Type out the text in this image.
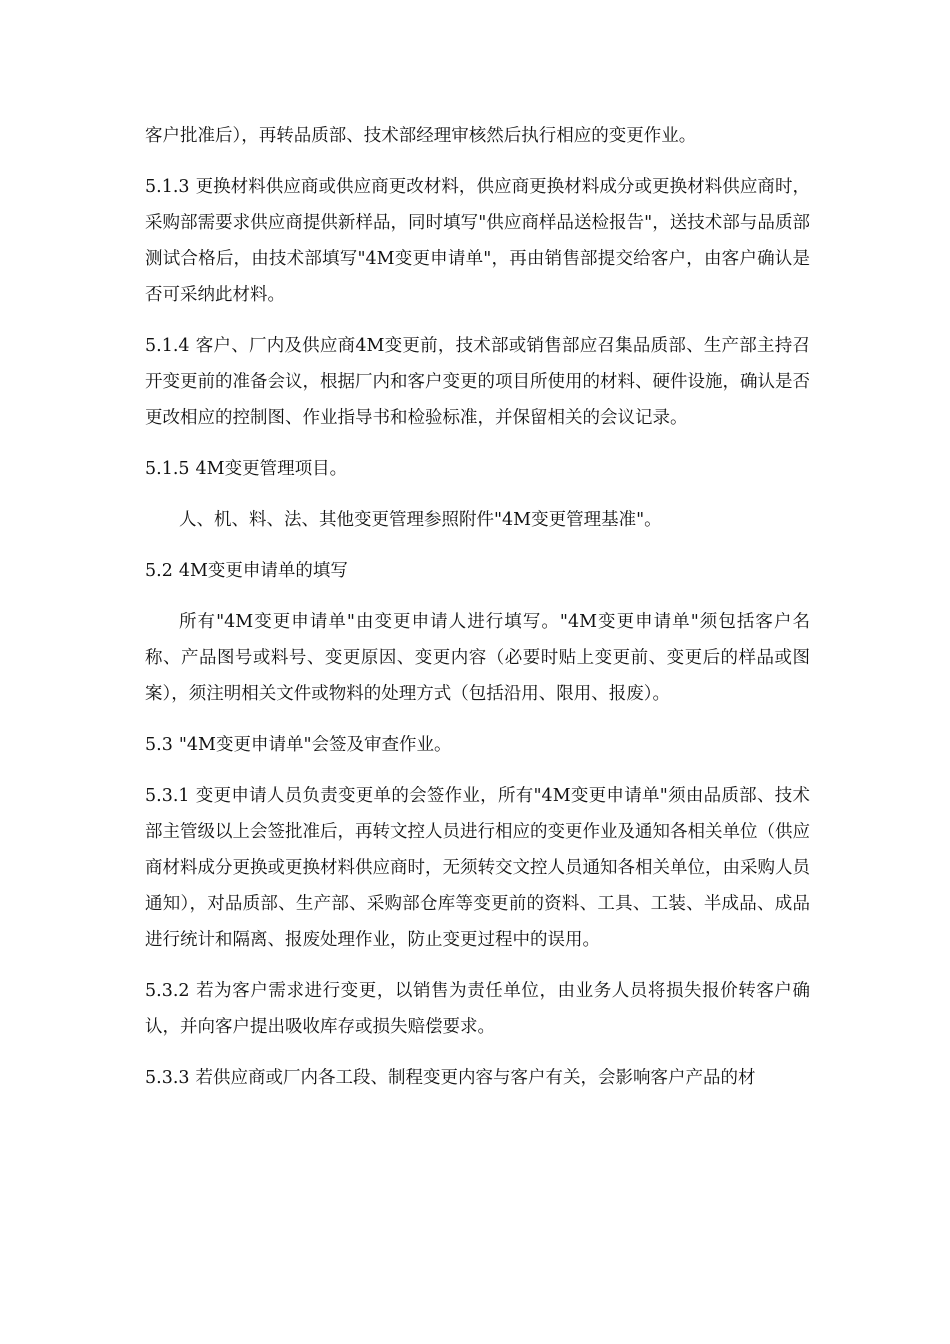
客户批准后），再转品质部、技术部经理审核然后执行相应的变更作业。

5.1.3 更换材料供应商或供应商更改材料，供应商更换材料成分或更换材料供应商时，采购部需要求供应商提供新样品，同时填写"供应商样品送检报告"，送技术部与品质部测试合格后，由技术部填写"4M变更申请单"，再由销售部提交给客户，由客户确认是否可采纳此材料。

5.1.4 客户、厂内及供应商4M变更前，技术部或销售部应召集品质部、生产部主持召开变更前的准备会议，根据厂内和客户变更的项目所使用的材料、硬件设施，确认是否更改相应的控制图、作业指导书和检验标准，并保留相关的会议记录。

5.1.5 4M变更管理项目。

人、机、料、法、其他变更管理参照附件"4M变更管理基准"。

5.2 4M变更申请单的填写

所有"4M变更申请单"由变更申请人进行填写。"4M变更申请单"须包括客户名称、产品图号或料号、变更原因、变更内容（必要时贴上变更前、变更后的样品或图案），须注明相关文件或物料的处理方式（包括沿用、限用、报废）。

5.3 "4M变更申请单"会签及审查作业。

5.3.1 变更申请人员负责变更单的会签作业，所有"4M变更申请单"须由品质部、技术部主管级以上会签批准后，再转文控人员进行相应的变更作业及通知各相关单位（供应商材料成分更换或更换材料供应商时，无须转交文控人员通知各相关单位，由采购人员通知），对品质部、生产部、采购部仓库等变更前的资料、工具、工装、半成品、成品进行统计和隔离、报废处理作业，防止变更过程中的误用。

5.3.2 若为客户需求进行变更，以销售为责任单位，由业务人员将损失报价转客户确认，并向客户提出吸收库存或损失赔偿要求。

5.3.3 若供应商或厂内各工段、制程变更内容与客户有关，会影响客户产品的材
